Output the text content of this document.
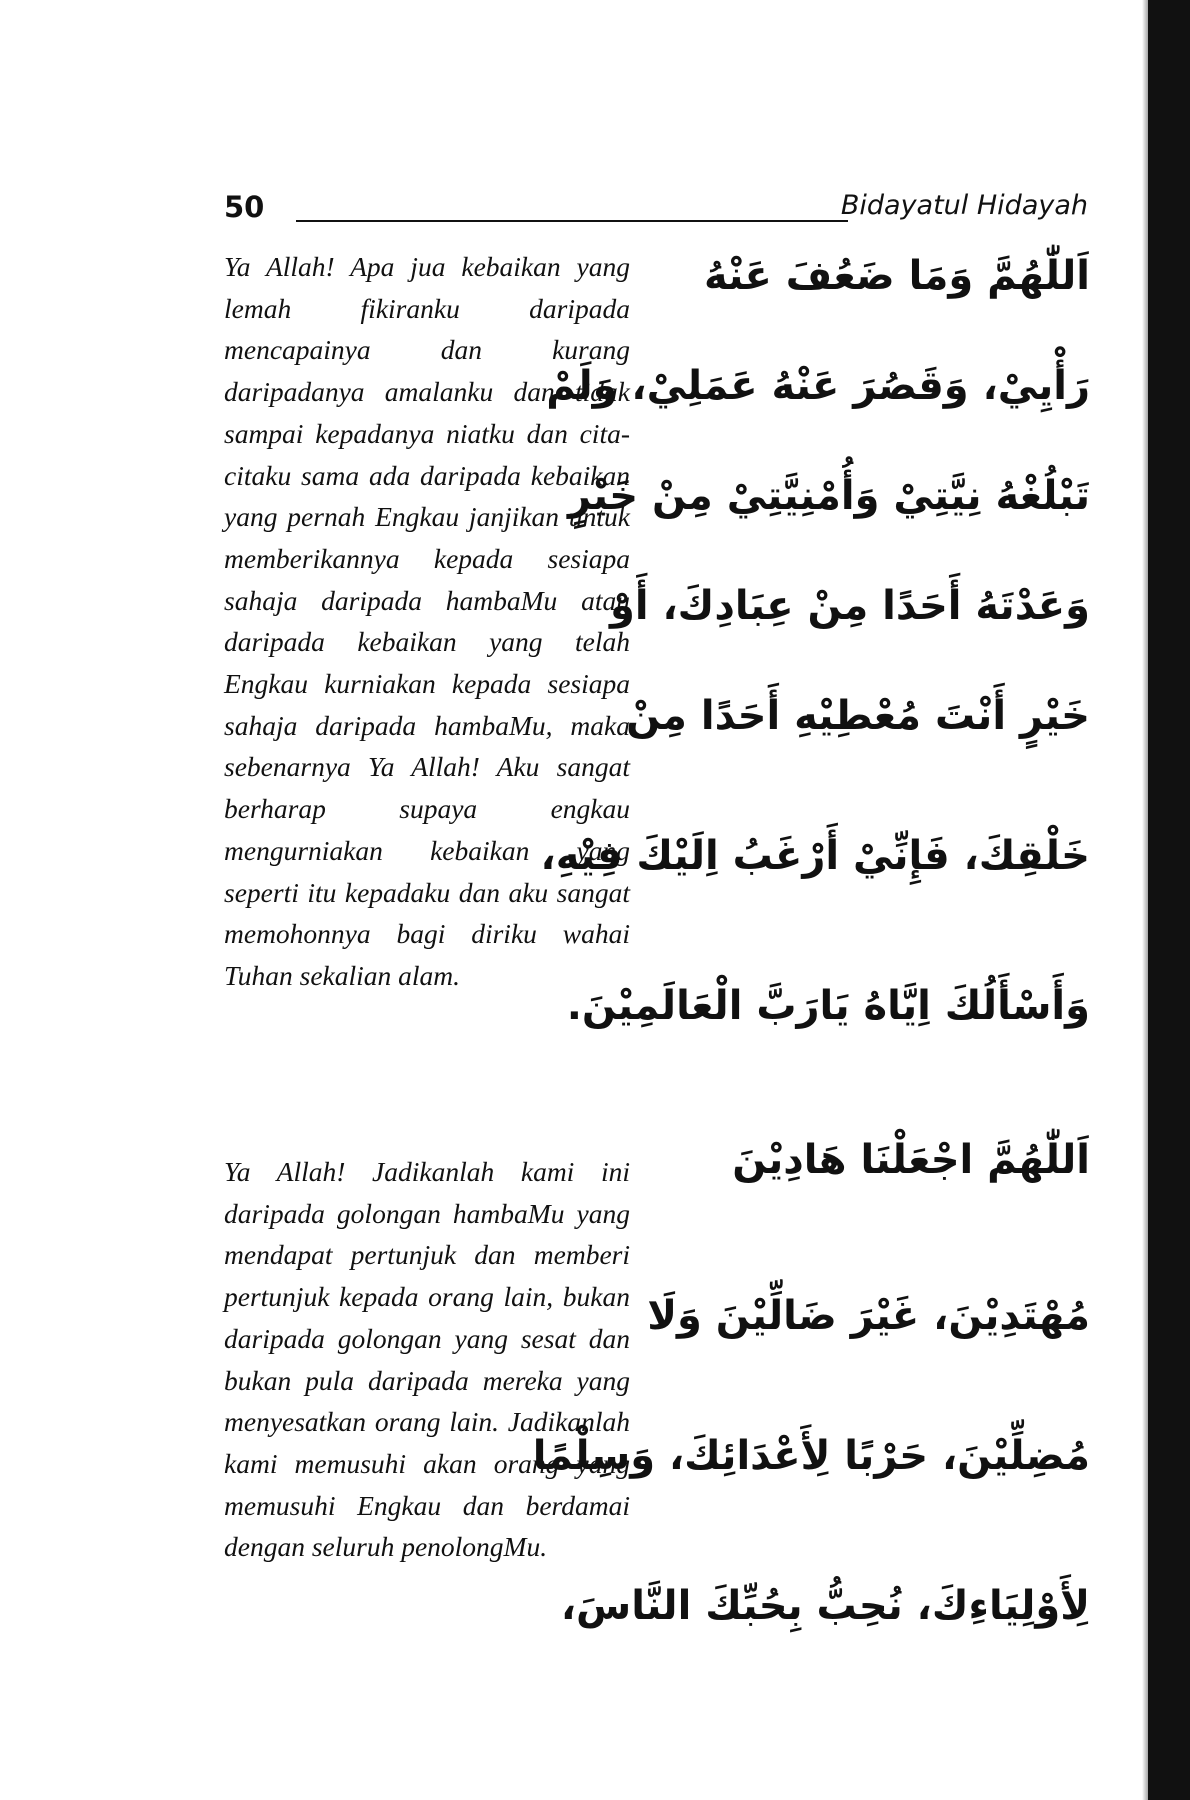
50	Bidayatul Hidayah
Ya Allah! Apa jua kebaikan yang lemah fikiranku daripada mencapainya dan kurang daripadanya amalanku dan tidak sampai kepadanya niatku dan cita-citaku sama ada daripada kebaikan yang pernah Engkau janjikan untuk memberikannya kepada sesiapa sahaja daripada hambaMu atau daripada kebaikan yang telah Engkau kurniakan kepada sesiapa sahaja daripada hambaMu, maka sebenarnya Ya Allah! Aku sangat berharap supaya engkau mengurniakan kebaikan yang seperti itu kepadaku dan aku sangat memohonnya bagi diriku wahai Tuhan sekalian alam.
Ya Allah! Jadikanlah kami ini daripada golongan hambaMu yang mendapat pertunjuk dan memberi pertunjuk kepada orang lain, bukan daripada golongan yang sesat dan bukan pula daripada mereka yang menyesatkan orang lain. Jadikanlah kami memusuhi akan orang yang memusuhi Engkau dan berdamai dengan seluruh penolongMu.
اَللّٰهُمَّ وَمَا ضَعُفَ عَنْهُ
رَأْيِيْ، وَقَصُرَ عَنْهُ عَمَلِيْ، وَلَمْ
تَبْلُغْهُ نِيَّتِيْ وَأُمْنِيَّتِيْ مِنْ خَيْرٍ
وَعَدْتَهُ أَحَدًا مِنْ عِبَادِكَ، أَوْ
خَيْرٍ أَنْتَ مُعْطِيْهِ أَحَدًا مِنْ
خَلْقِكَ، فَإِنِّيْ أَرْغَبُ اِلَيْكَ فِيْهِ،
وَأَسْأَلُكَ اِيَّاهُ يَارَبَّ الْعَالَمِيْنَ.
اَللّٰهُمَّ اجْعَلْنَا هَادِيْنَ
مُهْتَدِيْنَ، غَيْرَ ضَالِّيْنَ وَلَا
مُضِلِّيْنَ، حَرْبًا لِأَعْدَائِكَ، وَسِلْمًا
لِأَوْلِيَاءِكَ، نُحِبُّ بِحُبِّكَ النَّاسَ،
